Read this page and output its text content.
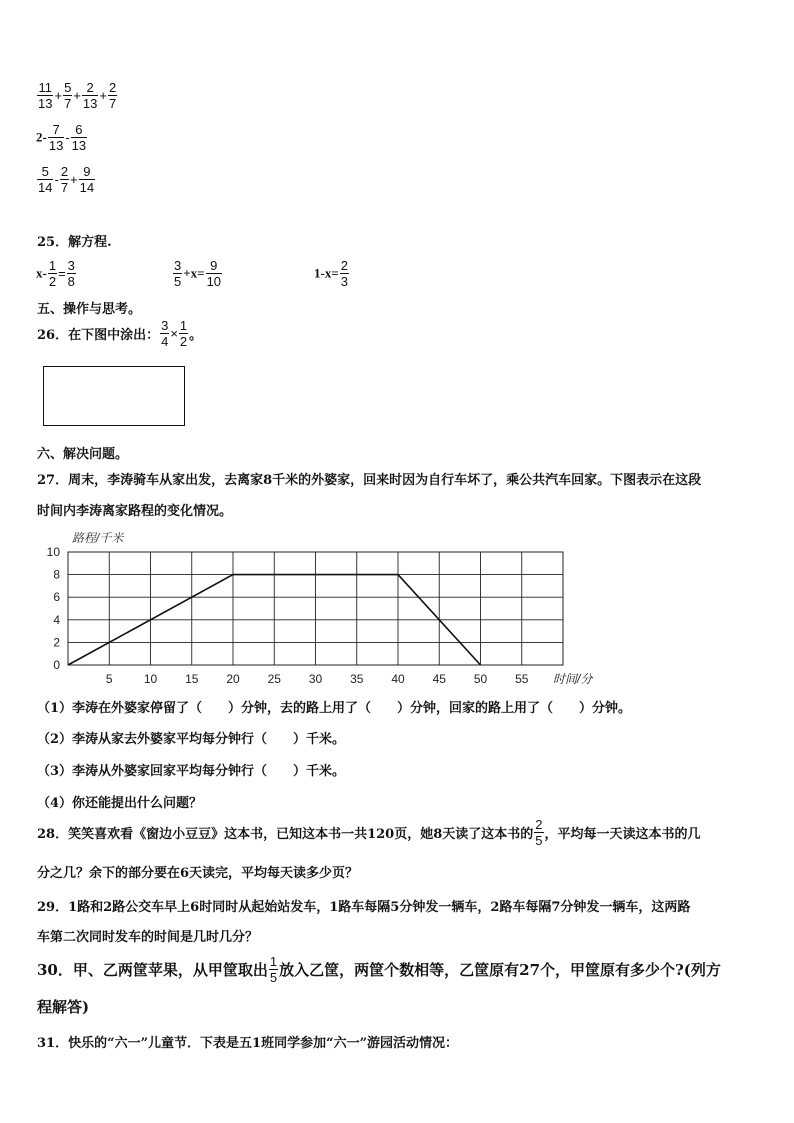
$\frac{11}{13} + \frac{5}{7} + \frac{2}{13} + \frac{2}{7}$
$2- \frac{7}{13} - \frac{6}{13}$
$\frac{5}{14} - \frac{2}{7} + \frac{9}{14}$
25．解方程.
$x- \frac{1}{2} = \frac{3}{8}$	$\frac{3}{5} +x= \frac{9}{10}$	$1-x= \frac{2}{3}$
五、操作与思考。
26．在下图中涂出： $\frac{3}{4} \times \frac{1}{2}$ 。
六、解决问题。
27．周末，李涛骑车从家出发，去离家8千米的外婆家，回来时因为自行车坏了，乘公共汽车回家。下图表示在这段
时间内李涛离家路程的变化情况。
路程/千米
时间/分
0
2
4
6
8
10
5	10 15 20 25 30 35 40 45 50 55
（1）李涛在外婆家停留了（　　）分钟，去的路上用了（　　）分钟，回家的路上用了（　　）分钟。
（2）李涛从家去外婆家平均每分钟行（　　）千米。
（3）李涛从外婆家回家平均每分钟行（　　）千米。
（4）你还能提出什么问题？
28．笑笑喜欢看《窗边小豆豆》这本书，已知这本书一共120页，她8天读了这本书的 $\frac{2}{5}$ ，平均每一天读这本书的几
分之几？余下的部分要在6天读完，平均每天读多少页？
29．1路和2路公交车早上6时同时从起始站发车，1路车每隔5分钟发一辆车，2路车每隔7分钟发一辆车，这两路
车第二次同时发车的时间是几时几分？
30．甲、乙两筐苹果，从甲筐取出 $\frac{1}{5}$ 放入乙筐，两筐个数相等，乙筐原有27个，甲筐原有多少个?(列方
程解答)
31．快乐的“六一”儿童节．下表是五1班同学参加“六一”游园活动情况：
